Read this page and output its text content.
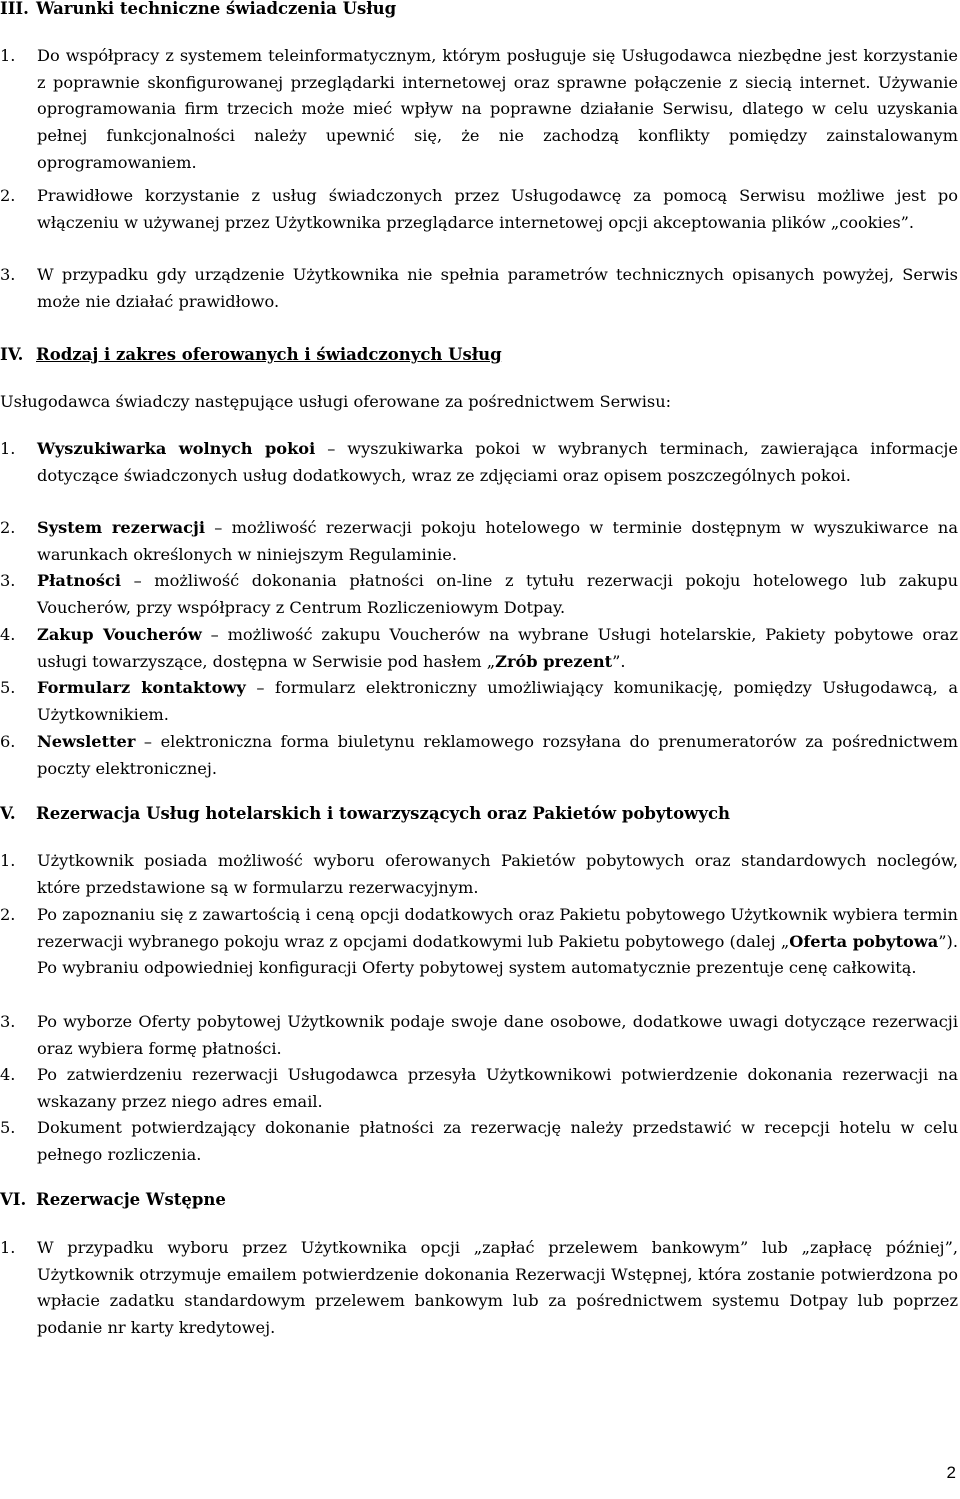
III. Warunki techniczne świadczenia Usług
1.	Do współpracy z systemem teleinformatycznym, którym posługuje się Usługodawca niezbędne jest korzystanie z poprawnie skonfigurowanej przeglądarki internetowej oraz sprawne połączenie z siecią internet. Używanie oprogramowania firm trzecich może mieć wpływ na poprawne działanie Serwisu, dlatego w celu uzyskania pełnej funkcjonalności należy upewnić się, że nie zachodzą konflikty pomiędzy zainstalowanym oprogramowaniem.
2.	Prawidłowe korzystanie z usług świadczonych przez Usługodawcę za pomocą Serwisu możliwe jest po włączeniu w używanej przez Użytkownika przeglądarce internetowej opcji akceptowania plików „cookies”.
3.	W przypadku gdy urządzenie Użytkownika nie spełnia parametrów technicznych opisanych powyżej, Serwis może nie działać prawidłowo.
IV. Rodzaj i zakres oferowanych i świadczonych Usług
Usługodawca świadczy następujące usługi oferowane za pośrednictwem Serwisu:
1.	Wyszukiwarka wolnych pokoi – wyszukiwarka pokoi w wybranych terminach, zawierająca informacje dotyczące świadczonych usług dodatkowych, wraz ze zdjęciami oraz opisem poszczególnych pokoi.
2.	System rezerwacji – możliwość rezerwacji pokoju hotelowego w terminie dostępnym w wyszukiwarce na warunkach określonych w niniejszym Regulaminie.
3.	Płatności – możliwość dokonania płatności on-line z tytułu rezerwacji pokoju hotelowego lub zakupu Voucherów, przy współpracy z Centrum Rozliczeniowym Dotpay.
4.	Zakup Voucherów – możliwość zakupu Voucherów na wybrane Usługi hotelarskie, Pakiety pobytowe oraz usługi towarzyszące, dostępna w Serwisie pod hasłem „Zrób prezent”.
5.	Formularz kontaktowy – formularz elektroniczny umożliwiający komunikację, pomiędzy Usługodawcą, a Użytkownikiem.
6.	Newsletter – elektroniczna forma biuletynu reklamowego rozsyłana do prenumeratorów za pośrednictwem poczty elektronicznej.
V. Rezerwacja Usług hotelarskich i towarzyszących oraz Pakietów pobytowych
1.	Użytkownik posiada możliwość wyboru oferowanych Pakietów pobytowych oraz standardowych noclegów, które przedstawione są w formularzu rezerwacyjnym.
2.	Po zapoznaniu się z zawartością i ceną opcji dodatkowych oraz Pakietu pobytowego Użytkownik wybiera termin rezerwacji wybranego pokoju wraz z opcjami dodatkowymi lub Pakietu pobytowego (dalej „Oferta pobytowa”). Po wybraniu odpowiedniej konfiguracji Oferty pobytowej system automatycznie prezentuje cenę całkowitą.
3.	Po wyborze Oferty pobytowej Użytkownik podaje swoje dane osobowe, dodatkowe uwagi dotyczące rezerwacji oraz wybiera formę płatności.
4.	Po zatwierdzeniu rezerwacji Usługodawca przesyła Użytkownikowi potwierdzenie dokonania rezerwacji na wskazany przez niego adres email.
5.	Dokument potwierdzający dokonanie płatności za rezerwację należy przedstawić w recepcji hotelu w celu pełnego rozliczenia.
VI. Rezerwacje Wstępne
1.	W przypadku wyboru przez Użytkownika opcji „zapłać przelewem bankowym” lub „zapłacę później”, Użytkownik otrzymuje emailem potwierdzenie dokonania Rezerwacji Wstępnej, która zostanie potwierdzona po wpłacie zadatku standardowym przelewem bankowym lub za pośrednictwem systemu Dotpay lub poprzez podanie nr karty kredytowej.
2
